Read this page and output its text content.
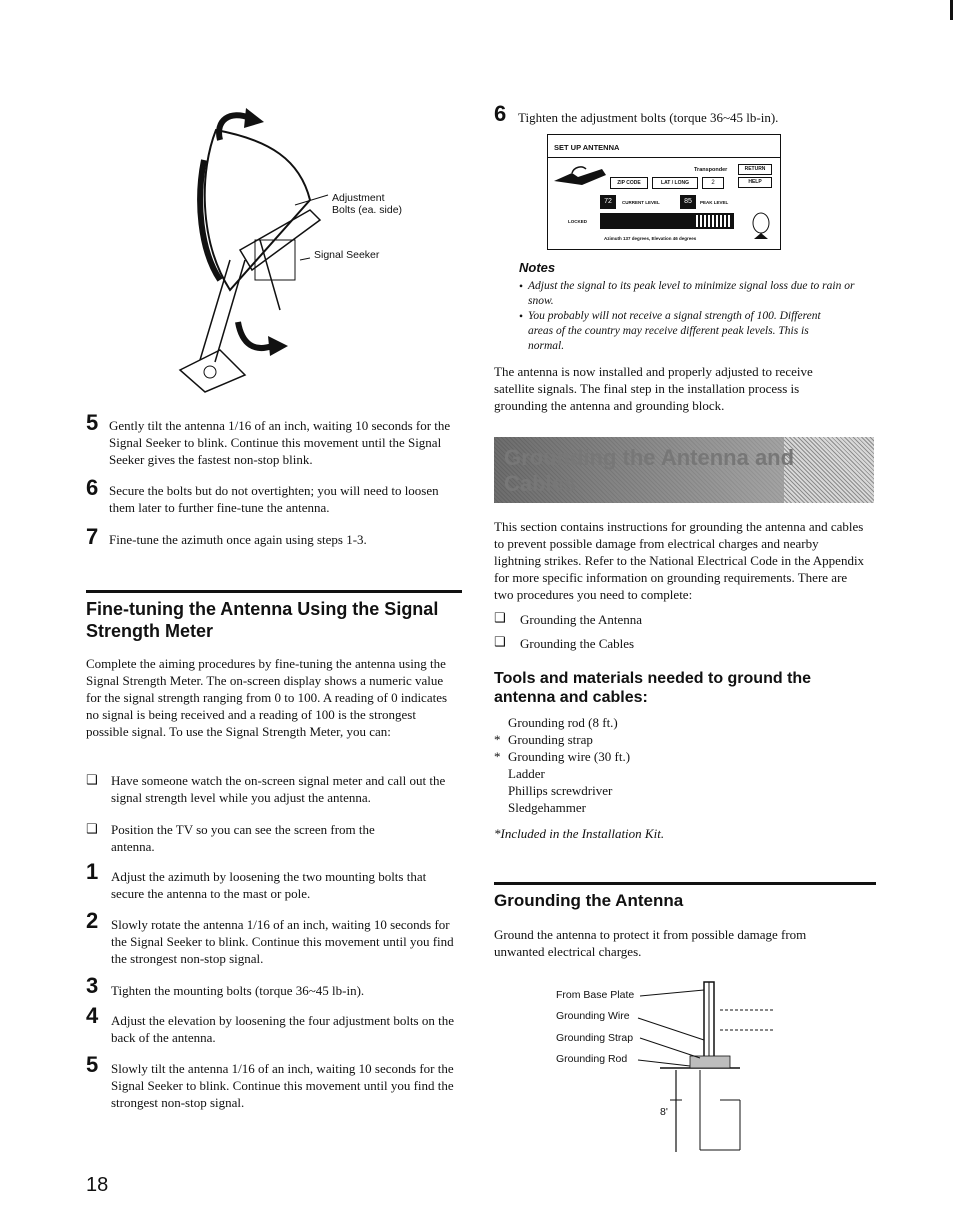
Adjustment
Bolts (ea. side)
Signal Seeker
5 Gently tilt the antenna 1/16 of an inch, waiting 10 seconds for the Signal Seeker to blink. Continue this movement until the Signal Seeker gives the fastest non-stop blink.
6 Secure the bolts but do not overtighten; you will need to loosen them later to further fine-tune the antenna.
7 Fine-tune the azimuth once again using steps 1-3.
Fine-tuning the Antenna Using the Signal
Strength Meter
Complete the aiming procedures by fine-tuning the antenna using the Signal Strength Meter. The on-screen display shows a numeric value for the signal strength ranging from 0 to 100. A reading of 0 indicates no signal is being received and a reading of 100 is the strongest possible signal. To use the Signal Strength Meter, you can:
❑ Have someone watch the on-screen signal meter and call out the signal strength level while you adjust the antenna.
❑ Position the TV so you can see the screen from the antenna.
1 Adjust the azimuth by loosening the two mounting bolts that secure the antenna to the mast or pole.
2 Slowly rotate the antenna 1/16 of an inch, waiting 10 seconds for the Signal Seeker to blink. Continue this movement until you find the strongest non-stop signal.
3 Tighten the mounting bolts (torque 36~45 lb-in).
4 Adjust the elevation by loosening the four adjustment bolts on the back of the antenna.
5 Slowly tilt the antenna 1/16 of an inch, waiting 10 seconds for the Signal Seeker to blink. Continue this movement until you find the strongest non-stop signal.
18
6 Tighten the adjustment bolts (torque 36~45 lb-in).
SET UP ANTENNA
Transponder	RETURN
ZIP CODE	LAT / LONG	2	HELP
72	CURRENT LEVEL	85	PEAK LEVEL
LOCKED
Azimuth 137 degrees, Elevation 46 degrees
Notes
• Adjust the signal to its peak level to minimize signal loss due to rain or snow.
• You probably will not receive a signal strength of 100. Different areas of the country may receive different peak levels. This is normal.
The antenna is now installed and properly adjusted to receive satellite signals. The final step in the installation process is grounding the antenna and grounding block.
Grounding the Antenna and Cables
This section contains instructions for grounding the antenna and cables to prevent possible damage from electrical charges and nearby lightning strikes. Refer to the National Electrical Code in the Appendix for more specific information on grounding requirements. There are two procedures you need to complete:
❑ Grounding the Antenna
❑ Grounding the Cables
Tools and materials needed to ground the
antenna and cables:
Grounding rod (8 ft.)
* Grounding strap
* Grounding wire (30 ft.)
Ladder
Phillips screwdriver
Sledgehammer
*Included in the Installation Kit.
Grounding the Antenna
Ground the antenna to protect it from possible damage from unwanted electrical charges.
From Base Plate
Grounding Wire
Grounding Strap
Grounding Rod
8'
